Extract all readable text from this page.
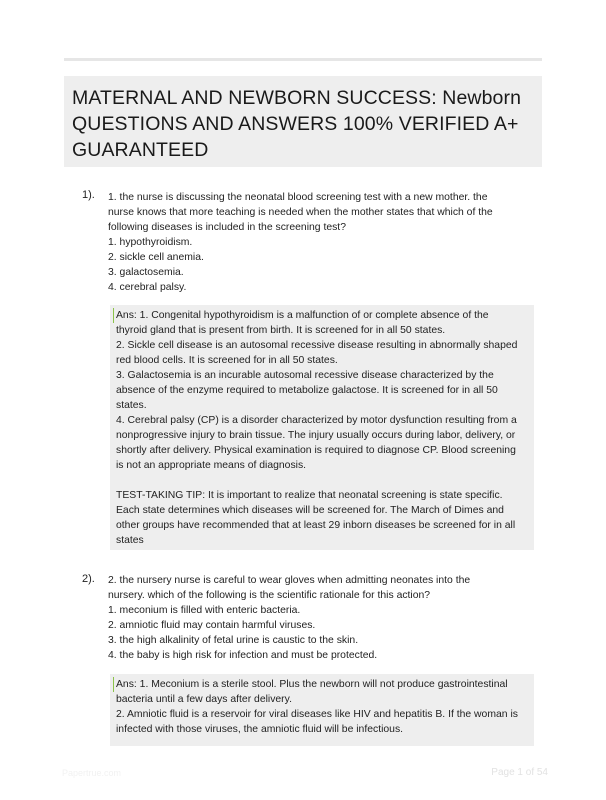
MATERNAL AND NEWBORN SUCCESS: Newborn
QUESTIONS AND ANSWERS 100% VERIFIED A+
GUARANTEED
1). 1. the nurse is discussing the neonatal blood screening test with a new mother. the
nurse knows that more teaching is needed when the mother states that which of the
following diseases is included in the screening test?
1. hypothyroidism.
2. sickle cell anemia.
3. galactosemia.
4. cerebral palsy.
Ans: 1. Congenital hypothyroidism is a malfunction of or complete absence of the
thyroid gland that is present from birth. It is screened for in all 50 states.
2. Sickle cell disease is an autosomal recessive disease resulting in abnormally shaped
red blood cells. It is screened for in all 50 states.
3. Galactosemia is an incurable autosomal recessive disease characterized by the
absence of the enzyme required to metabolize galactose. It is screened for in all 50
states.
4. Cerebral palsy (CP) is a disorder characterized by motor dysfunction resulting from a
nonprogressive injury to brain tissue. The injury usually occurs during labor, delivery, or
shortly after delivery. Physical examination is required to diagnose CP. Blood screening
is not an appropriate means of diagnosis.
TEST-TAKING TIP: It is important to realize that neonatal screening is state specific.
Each state determines which diseases will be screened for. The March of Dimes and
other groups have recommended that at least 29 inborn diseases be screened for in all
states
2). 2. the nursery nurse is careful to wear gloves when admitting neonates into the
nursery. which of the following is the scientific rationale for this action?
1. meconium is filled with enteric bacteria.
2. amniotic fluid may contain harmful viruses.
3. the high alkalinity of fetal urine is caustic to the skin.
4. the baby is high risk for infection and must be protected.
Ans: 1. Meconium is a sterile stool. Plus the newborn will not produce gastrointestinal
bacteria until a few days after delivery.
2. Amniotic fluid is a reservoir for viral diseases like HIV and hepatitis B. If the woman is
infected with those viruses, the amniotic fluid will be infectious.
Papertrue.com	Page 1 of 54
